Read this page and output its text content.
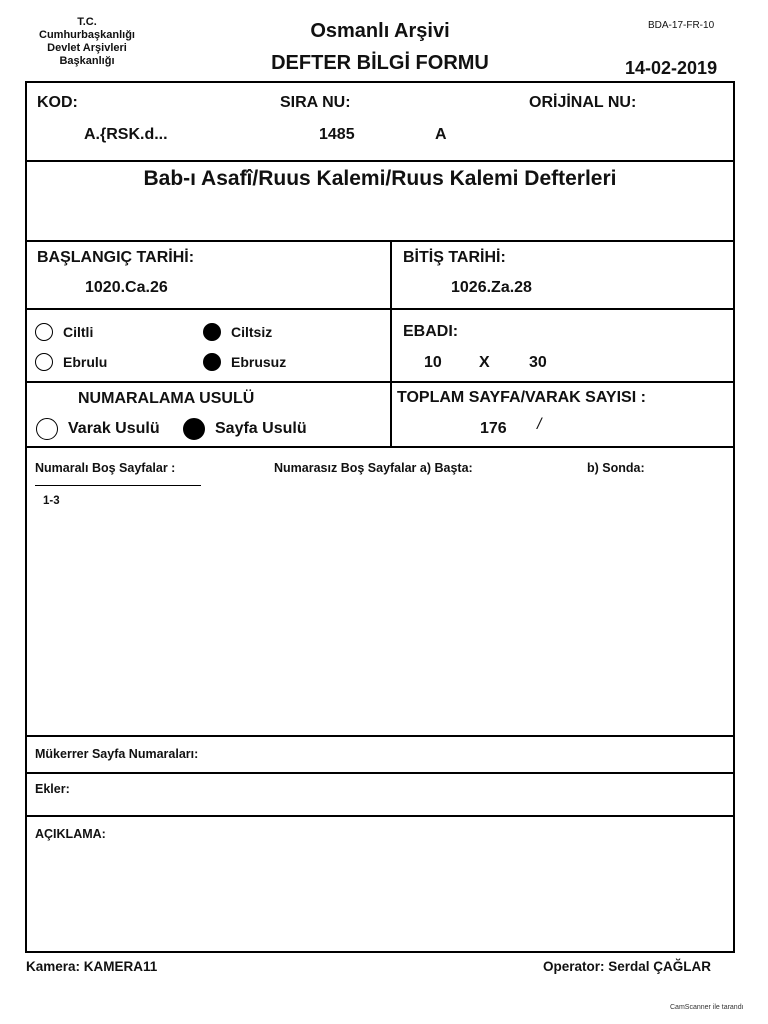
T.C.
Cumhurbaşkanlığı
Devlet Arşivleri
Başkanlığı
Osmanlı Arşivi
DEFTER BİLGİ FORMU
BDA-17-FR-10
14-02-2019
KOD:
A.{RSK.d...
SIRA NU:
1485
ORİJİNAL NU:
A
Bab-ı Asafî/Ruus Kalemi/Ruus Kalemi Defterleri
BAŞLANGIÇ TARİHİ:
1020.Ca.26
BİTİŞ TARİHİ:
1026.Za.28
Ciltli	Ciltsiz
Ebrulu	Ebrusuz
EBADI:
10 X 30
NUMARALAMA USULÜ
Varak Usulü	Sayfa Usulü
TOPLAM SAYFA/VARAK SAYISI :
176 /
Numaralı Boş Sayfalar :
1-3
Numarasız Boş Sayfalar a) Başta:	b) Sonda:
Mükerrer Sayfa Numaraları:
Ekler:
AÇIKLAMA:
Kamera: KAMERA11	Operator: Serdal ÇAĞLAR
CamScanner ile tarandı
